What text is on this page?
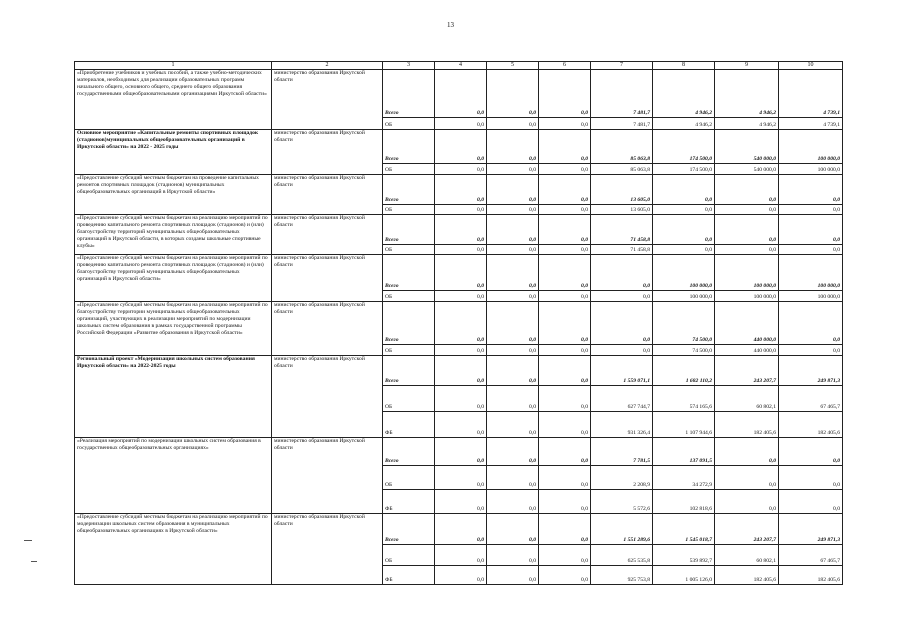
13
1	2	3	4	5	6	7	8	9	10
«Приобретение учебников и учебных пособий, а также учебно-методических материалов, необходимых для реализации образовательных программ начального общего, основного общего, среднего общего образования государственными общеобразовательными организациями Иркутской области»	министерство образования Иркутской области	Всего	0,0	0,0	0,0	7 481,7	4 946,2	4 946,2	4 739,1
		ОБ	0,0	0,0	0,0	7 481,7	4 946,2	4 946,2	4 739,1
Основное мероприятие «Капитальные ремонты спортивных площадок (стадионов)муниципальных общеобразовательных организаций в Иркутской области» на 2022 - 2025 годы	министерство образования Иркутской области	Всего	0,0	0,0	0,0	85 063,8	174 500,0	540 000,0	100 000,0
		ОБ	0,0	0,0	0,0	85 063,8	174 500,0	540 000,0	100 000,0
«Предоставление субсидий местным бюджетам на проведение капитальных ремонтов спортивных площадок (стадионов) муниципальных общеобразовательных организаций в Иркутской области»	министерство образования Иркутской области	Всего	0,0	0,0	0,0	13 605,0	0,0	0,0	0,0
		ОБ	0,0	0,0	0,0	13 605,0	0,0	0,0	0,0
«Предоставление субсидий местным бюджетам на реализацию мероприятий по проведению капитального ремонта спортивных площадок (стадионов) и (или) благоустройству территорий муниципальных общеобразовательных организаций в Иркутской области, в которых созданы школьные спортивные клубы»	министерство образования Иркутской области	Всего	0,0	0,0	0,0	71 458,8	0,0	0,0	0,0
		ОБ	0,0	0,0	0,0	71 458,8	0,0	0,0	0,0
«Предоставление субсидий местным бюджетам на реализацию мероприятий по проведению капитального ремонта спортивных площадок (стадионов) и (или) благоустройству территорий муниципальных общеобразовательных организаций в Иркутской области»	министерство образования Иркутской области	Всего	0,0	0,0	0,0	0,0	100 000,0	100 000,0	100 000,0
		ОБ	0,0	0,0	0,0	0,0	100 000,0	100 000,0	100 000,0
«Предоставление субсидий местным бюджетам на реализацию мероприятий по благоустройству территории муниципальных общеобразовательных организаций, участвующих в реализации мероприятий по модернизации школьных систем образования в рамках государственной программы Российской Федерации «Развитие образования в Иркутской области»	министерство образования Иркутской области	Всего	0,0	0,0	0,0	0,0	74 500,0	440 000,0	0,0
		ОБ	0,0	0,0	0,0	0,0	74 500,0	440 000,0	0,0
Региональный проект «Модернизация школьных систем образования Иркутской области» на 2022-2025 годы	министерство образования Иркутской области	Всего	0,0	0,0	0,0	1 559 071,1	1 682 110,2	243 207,7	249 871,3
		ОБ	0,0	0,0	0,0	627 744,7	574 165,6	60 802,1	67 465,7
		ФБ	0,0	0,0	0,0	931 326,4	1 107 944,6	182 405,6	182 405,6
«Реализация мероприятий по модернизации школьных систем образования в государственных общеобразовательных организациях»	министерство образования Иркутской области	Всего	0,0	0,0	0,0	7 781,5	137 091,5	0,0	0,0
		ОБ	0,0	0,0	0,0	2 208,9	34 272,9	0,0	0,0
		ФБ	0,0	0,0	0,0	5 572,6	102 818,6	0,0	0,0
«Предоставление субсидий местным бюджетам на реализацию мероприятий по модернизации школьных систем образования в муниципальных общеобразовательных организациях в Иркутской области»	министерство образования Иркутской области	Всего	0,0	0,0	0,0	1 551 289,6	1 545 018,7	243 207,7	249 871,3
		ОБ	0,0	0,0	0,0	625 535,8	539 892,7	60 802,1	67 465,7
		ФБ	0,0	0,0	0,0	925 753,8	1 005 126,0	182 405,6	182 405,6
